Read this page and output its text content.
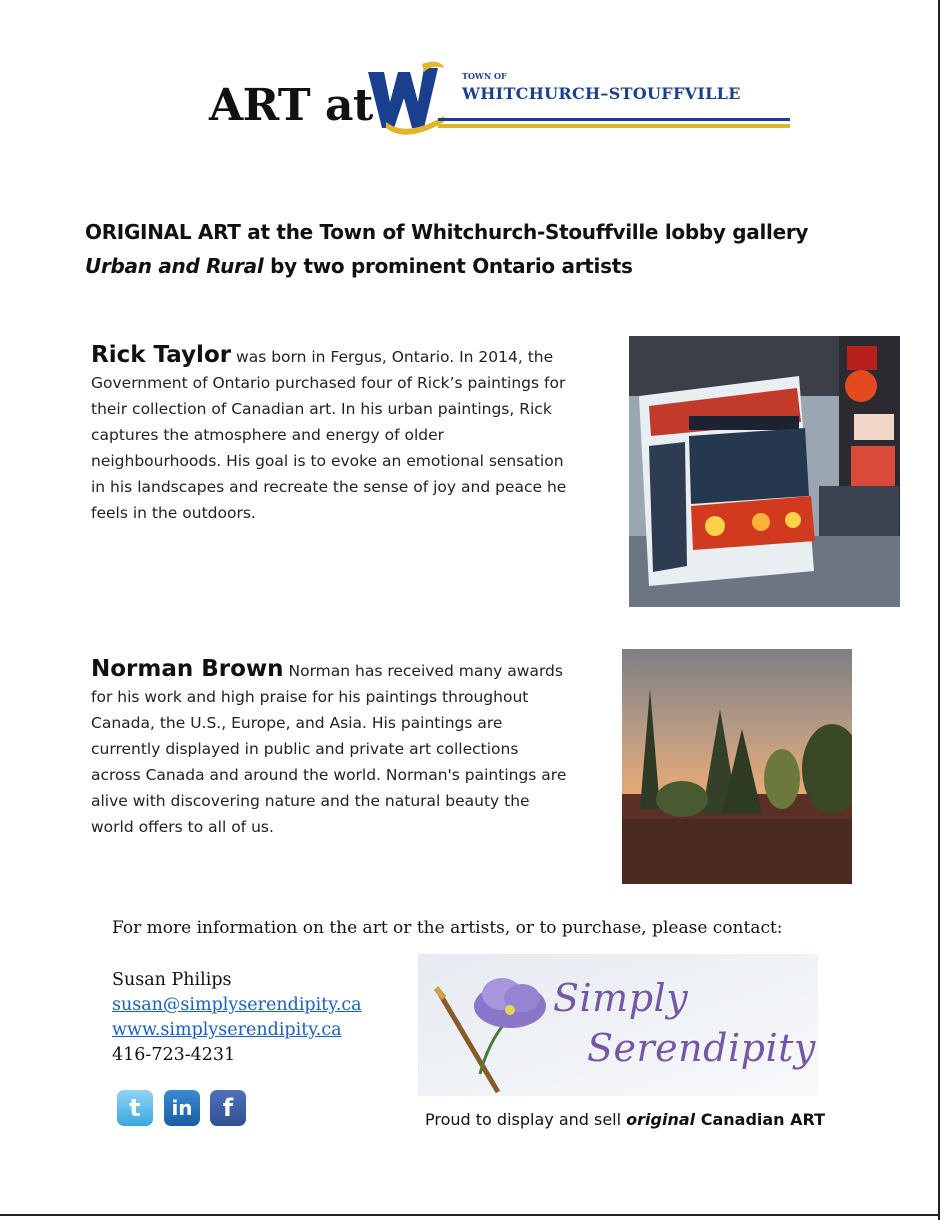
ART at
TOWN OF
WHITCHURCH–STOUFFVILLE
ORIGINAL ART at the Town of Whitchurch-Stouffville lobby gallery
Urban and Rural by two prominent Ontario artists
Rick Taylor was born in Fergus, Ontario. In 2014, the Government of Ontario purchased four of Rick’s paintings for their collection of Canadian art. In his urban paintings, Rick captures the atmosphere and energy of older neighbourhoods. His goal is to evoke an emotional sensation in his landscapes and recreate the sense of joy and peace he feels in the outdoors.
Norman Brown Norman has received many awards for his work and high praise for his paintings throughout Canada, the U.S., Europe, and Asia. His paintings are currently displayed in public and private art collections across Canada and around the world. Norman's paintings are alive with discovering nature and the natural beauty the world offers to all of us.
For more information on the art or the artists, or to purchase, please contact:
Susan Philips
susan@simplyserendipity.ca
www.simplyserendipity.ca
416-723-4231
t	in	f
Simply
Serendipity
Proud to display and sell original Canadian ART
